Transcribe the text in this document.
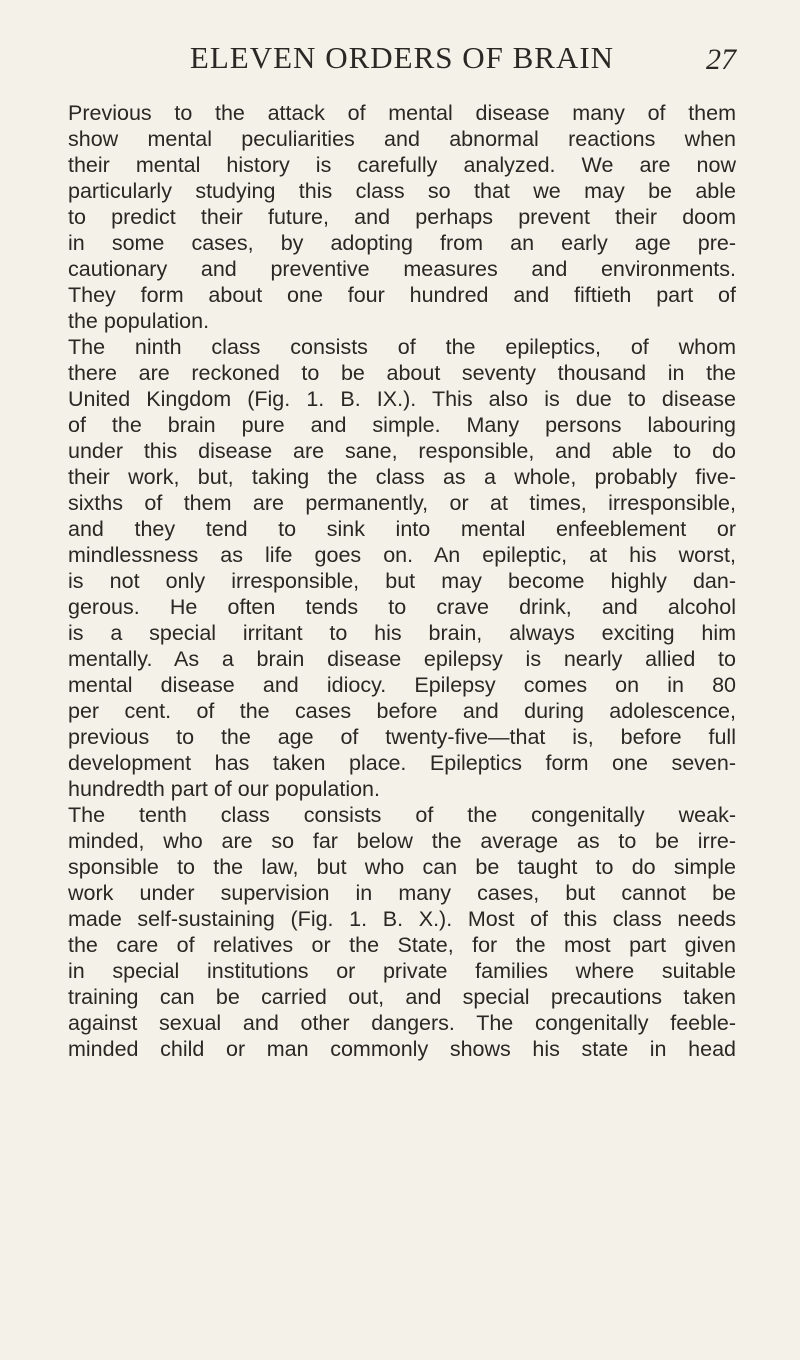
ELEVEN ORDERS OF BRAIN	27
Previous to the attack of mental disease many of them
show mental peculiarities and abnormal reactions when
their mental history is carefully analyzed. We are now
particularly studying this class so that we may be able
to predict their future, and perhaps prevent their doom
in some cases, by adopting from an early age pre-
cautionary and preventive measures and environments.
They form about one four hundred and fiftieth part of
the population.
The ninth class consists of the epileptics, of whom
there are reckoned to be about seventy thousand in the
United Kingdom (Fig. 1. B. IX.). This also is due to disease
of the brain pure and simple. Many persons labouring
under this disease are sane, responsible, and able to do
their work, but, taking the class as a whole, probably five-
sixths of them are permanently, or at times, irresponsible,
and they tend to sink into mental enfeeblement or
mindlessness as life goes on. An epileptic, at his worst,
is not only irresponsible, but may become highly dan-
gerous. He often tends to crave drink, and alcohol
is a special irritant to his brain, always exciting him
mentally. As a brain disease epilepsy is nearly allied to
mental disease and idiocy. Epilepsy comes on in 80
per cent. of the cases before and during adolescence,
previous to the age of twenty-five—that is, before full
development has taken place. Epileptics form one seven-
hundredth part of our population.
The tenth class consists of the congenitally weak-
minded, who are so far below the average as to be irre-
sponsible to the law, but who can be taught to do simple
work under supervision in many cases, but cannot be
made self-sustaining (Fig. 1. B. X.). Most of this class needs
the care of relatives or the State, for the most part given
in special institutions or private families where suitable
training can be carried out, and special precautions taken
against sexual and other dangers. The congenitally feeble-
minded child or man commonly shows his state in head
